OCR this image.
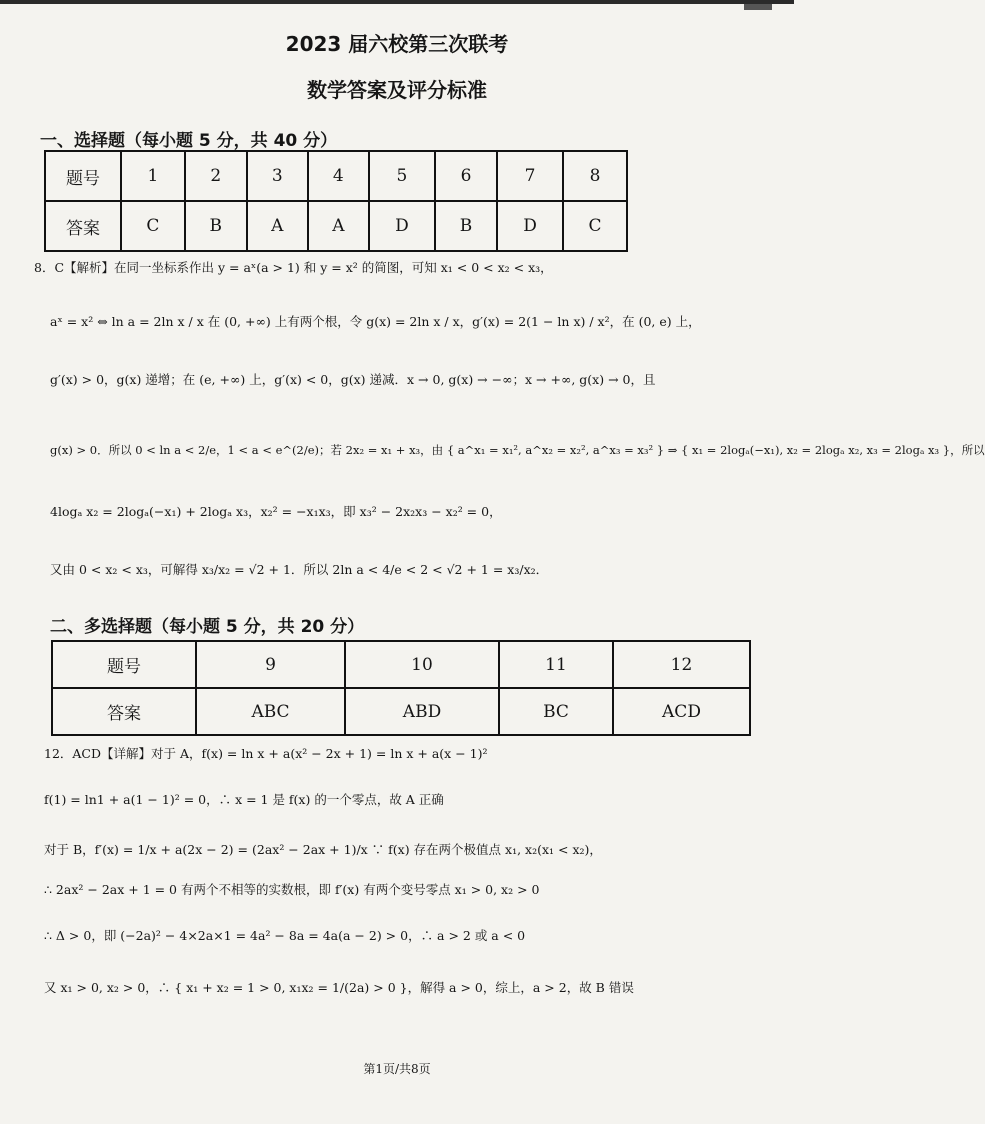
2023 届六校第三次联考
数学答案及评分标准
一、选择题（每小题 5 分，共 40 分）
题号	1	2	3	4	5	6	7	8
答案	C	B	A	A	D	B	D	C
8．C【解析】在同一坐标系作出 y = aˣ(a > 1) 和 y = x² 的简图，可知 x₁ < 0 < x₂ < x₃，
aˣ = x² ⇔ ln a = 2ln x / x 在 (0, +∞) 上有两个根，令 g(x) = 2ln x / x，g′(x) = 2(1 − ln x) / x²，在 (0, e) 上，
g′(x) > 0，g(x) 递增；在 (e, +∞) 上，g′(x) < 0，g(x) 递减．x → 0, g(x) → −∞；x → +∞, g(x) → 0，且
g(x) > 0．所以 0 < ln a < 2/e，1 < a < e^(2/e)；若 2x₂ = x₁ + x₃，由 { a^x₁ = x₁², a^x₂ = x₂², a^x₃ = x₃² } ⇒ { x₁ = 2logₐ(−x₁), x₂ = 2logₐ x₂, x₃ = 2logₐ x₃ }，所以
4logₐ x₂ = 2logₐ(−x₁) + 2logₐ x₃，x₂² = −x₁x₃，即 x₃² − 2x₂x₃ − x₂² = 0，
又由 0 < x₂ < x₃，可解得 x₃/x₂ = √2 + 1．所以 2ln a < 4/e < 2 < √2 + 1 = x₃/x₂．
二、多选择题（每小题 5 分，共 20 分）
题号	9	10	11	12
答案	ABC	ABD	BC	ACD
12．ACD【详解】对于 A，f(x) = ln x + a(x² − 2x + 1) = ln x + a(x − 1)²
f(1) = ln1 + a(1 − 1)² = 0，∴ x = 1 是 f(x) 的一个零点，故 A 正确
对于 B，f′(x) = 1/x + a(2x − 2) = (2ax² − 2ax + 1)/x ∵ f(x) 存在两个极值点 x₁, x₂(x₁ < x₂)，
∴ 2ax² − 2ax + 1 = 0 有两个不相等的实数根，即 f′(x) 有两个变号零点 x₁ > 0, x₂ > 0
∴ Δ > 0，即 (−2a)² − 4×2a×1 = 4a² − 8a = 4a(a − 2) > 0，∴ a > 2 或 a < 0
又 x₁ > 0, x₂ > 0，∴ { x₁ + x₂ = 1 > 0, x₁x₂ = 1/(2a) > 0 }，解得 a > 0，综上，a > 2，故 B 错误
第1页/共8页
